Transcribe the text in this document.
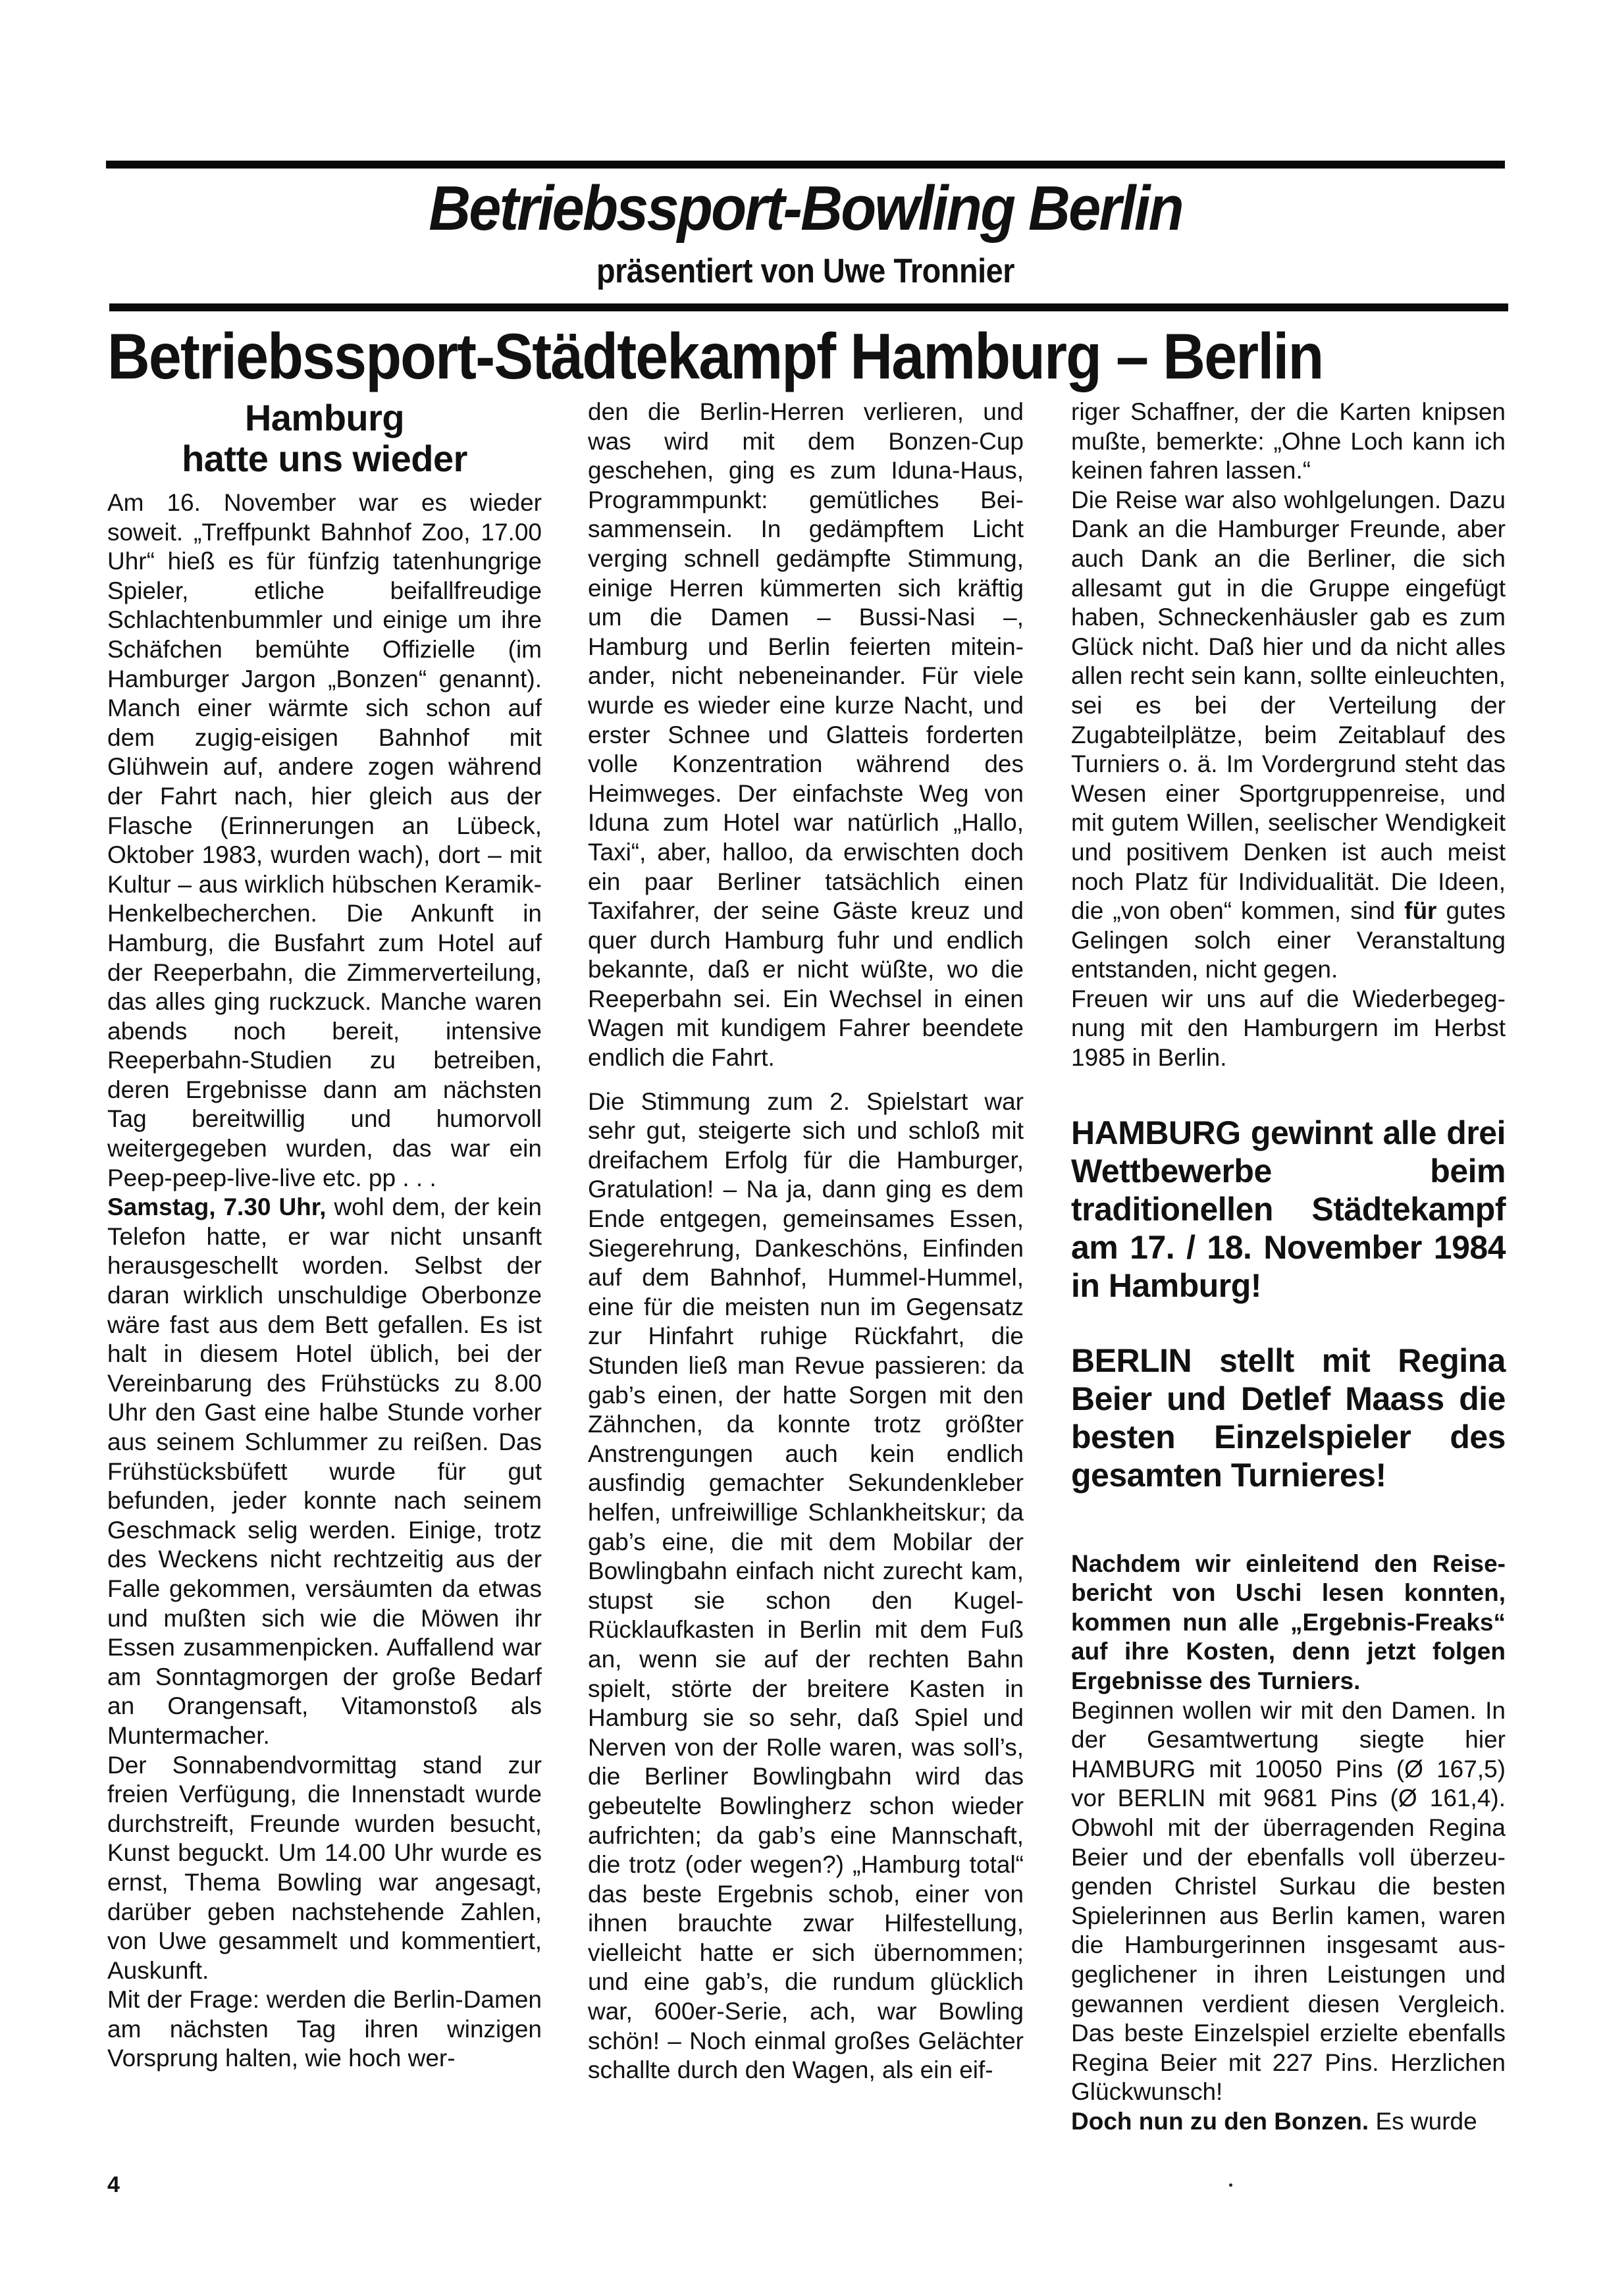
Betriebssport-Bowling Berlin
präsentiert von Uwe Tronnier
Betriebssport-Städtekampf Hamburg – Berlin
Hamburg
hatte uns wieder

Am 16. November war es wieder soweit. „Treffpunkt Bahnhof Zoo, 17.00 Uhr“ hieß es für fünfzig tatenhungrige Spieler, etliche beifallfreudige Schlachtenbummler und einige um ihre Schäfchen bemühte Offizielle (im Hamburger Jargon „Bonzen“ genannt). Manch einer wärmte sich schon auf dem zugig-eisigen Bahnhof mit Glühwein auf, andere zogen während der Fahrt nach, hier gleich aus der Flasche (Erinnerungen an Lübeck, Oktober 1983, wurden wach), dort – mit Kultur – aus wirklich hübschen Keramik-Henkelbecherchen. Die Ankunft in Hamburg, die Busfahrt zum Hotel auf der Reeperbahn, die Zimmerverteilung, das alles ging ruckzuck. Manche waren abends noch bereit, intensive Reeperbahn-Studien zu betreiben, deren Ergebnisse dann am nächsten Tag bereitwillig und humorvoll weitergegeben wurden, das war ein Peep-peep-live-live etc. pp . . .

Samstag, 7.30 Uhr, wohl dem, der kein Telefon hatte, er war nicht unsanft herausgeschellt worden. Selbst der daran wirklich unschuldige Oberbonze wäre fast aus dem Bett gefallen. Es ist halt in diesem Hotel üblich, bei der Vereinbarung des Frühstücks zu 8.00 Uhr den Gast eine halbe Stunde vorher aus seinem Schlummer zu reißen. Das Frühstücksbüfett wurde für gut befunden, jeder konnte nach seinem Geschmack selig werden. Einige, trotz des Weckens nicht rechtzeitig aus der Falle gekommen, versäumten da etwas und mußten sich wie die Möwen ihr Essen zusammenpicken. Auffallend war am Sonntagmorgen der große Bedarf an Orangensaft, Vitamonstoß als Muntermacher.

Der Sonnabendvormittag stand zur freien Verfügung, die Innenstadt wurde durchstreift, Freunde wurden besucht, Kunst beguckt. Um 14.00 Uhr wurde es ernst, Thema Bowling war angesagt, darüber geben nachstehende Zahlen, von Uwe gesammelt und kommentiert, Auskunft.

Mit der Frage: werden die Berlin-Damen am nächsten Tag ihren winzigen Vorsprung halten, wie hoch wer-

den die Berlin-Herren verlieren, und was wird mit dem Bonzen-Cup geschehen, ging es zum Iduna-Haus, Programmpunkt: gemütliches Beisammensein. In gedämpftem Licht verging schnell gedämpfte Stimmung, einige Herren kümmerten sich kräftig um die Damen – Bussi-Nasi –, Hamburg und Berlin feierten miteinander, nicht nebeneinander. Für viele wurde es wieder eine kurze Nacht, und erster Schnee und Glatteis forderten volle Konzentration während des Heimweges. Der einfachste Weg von Iduna zum Hotel war natürlich „Hallo, Taxi“, aber, halloo, da erwischten doch ein paar Berliner tatsächlich einen Taxifahrer, der seine Gäste kreuz und quer durch Hamburg fuhr und endlich bekannte, daß er nicht wüßte, wo die Reeperbahn sei. Ein Wechsel in einen Wagen mit kundigem Fahrer beendete endlich die Fahrt.

Die Stimmung zum 2. Spielstart war sehr gut, steigerte sich und schloß mit dreifachem Erfolg für die Hamburger, Gratulation! – Na ja, dann ging es dem Ende entgegen, gemeinsames Essen, Siegerehrung, Dankeschöns, Einfinden auf dem Bahnhof, Hummel-Hummel, eine für die meisten nun im Gegensatz zur Hinfahrt ruhige Rückfahrt, die Stunden ließ man Revue passieren: da gab’s einen, der hatte Sorgen mit den Zähnchen, da konnte trotz größter Anstrengungen auch kein endlich ausfindig gemachter Sekundenkleber helfen, unfreiwillige Schlankheitskur; da gab’s eine, die mit dem Mobilar der Bowlingbahn einfach nicht zurecht kam, stupst sie schon den Kugel-Rücklaufkasten in Berlin mit dem Fuß an, wenn sie auf der rechten Bahn spielt, störte der breitere Kasten in Hamburg sie so sehr, daß Spiel und Nerven von der Rolle waren, was soll’s, die Berliner Bowlingbahn wird das gebeutelte Bowlingherz schon wieder aufrichten; da gab’s eine Mannschaft, die trotz (oder wegen?) „Hamburg total“ das beste Ergebnis schob, einer von ihnen brauchte zwar Hilfestellung, vielleicht hatte er sich übernommen; und eine gab’s, die rundum glücklich war, 600er-Serie, ach, war Bowling schön! – Noch einmal großes Gelächter schallte durch den Wagen, als ein eif-

riger Schaffner, der die Karten knipsen mußte, bemerkte: „Ohne Loch kann ich keinen fahren lassen.“

Die Reise war also wohlgelungen. Dazu Dank an die Hamburger Freunde, aber auch Dank an die Berliner, die sich allesamt gut in die Gruppe eingefügt haben, Schneckenhäusler gab es zum Glück nicht. Daß hier und da nicht alles allen recht sein kann, sollte einleuchten, sei es bei der Verteilung der Zugabteilplätze, beim Zeitablauf des Turniers o. ä. Im Vordergrund steht das Wesen einer Sportgruppenreise, und mit gutem Willen, seelischer Wendigkeit und positivem Denken ist auch meist noch Platz für Individualität. Die Ideen, die „von oben“ kommen, sind für gutes Gelingen solch einer Veranstaltung entstanden, nicht gegen.

Freuen wir uns auf die Wiederbegegnung mit den Hamburgern im Herbst 1985 in Berlin.

HAMBURG gewinnt alle drei Wettbewerbe beim traditionellen Städtekampf am 17. / 18. November 1984 in Hamburg!

BERLIN stellt mit Regina Beier und Detlef Maass die besten Einzelspieler des gesamten Turnieres!

Nachdem wir einleitend den Reisebericht von Uschi lesen konnten, kommen nun alle „Ergebnis-Freaks“ auf ihre Kosten, denn jetzt folgen Ergebnisse des Turniers.

Beginnen wollen wir mit den Damen. In der Gesamtwertung siegte hier HAMBURG mit 10050 Pins (Ø 167,5) vor BERLIN mit 9681 Pins (Ø 161,4). Obwohl mit der überragenden Regina Beier und der ebenfalls voll überzeugenden Christel Surkau die besten Spielerinnen aus Berlin kamen, waren die Hamburgerinnen insgesamt ausgeglichener in ihren Leistungen und gewannen verdient diesen Vergleich. Das beste Einzelspiel erzielte ebenfalls Regina Beier mit 227 Pins. Herzlichen Glückwunsch!

Doch nun zu den Bonzen. Es wurde

4
